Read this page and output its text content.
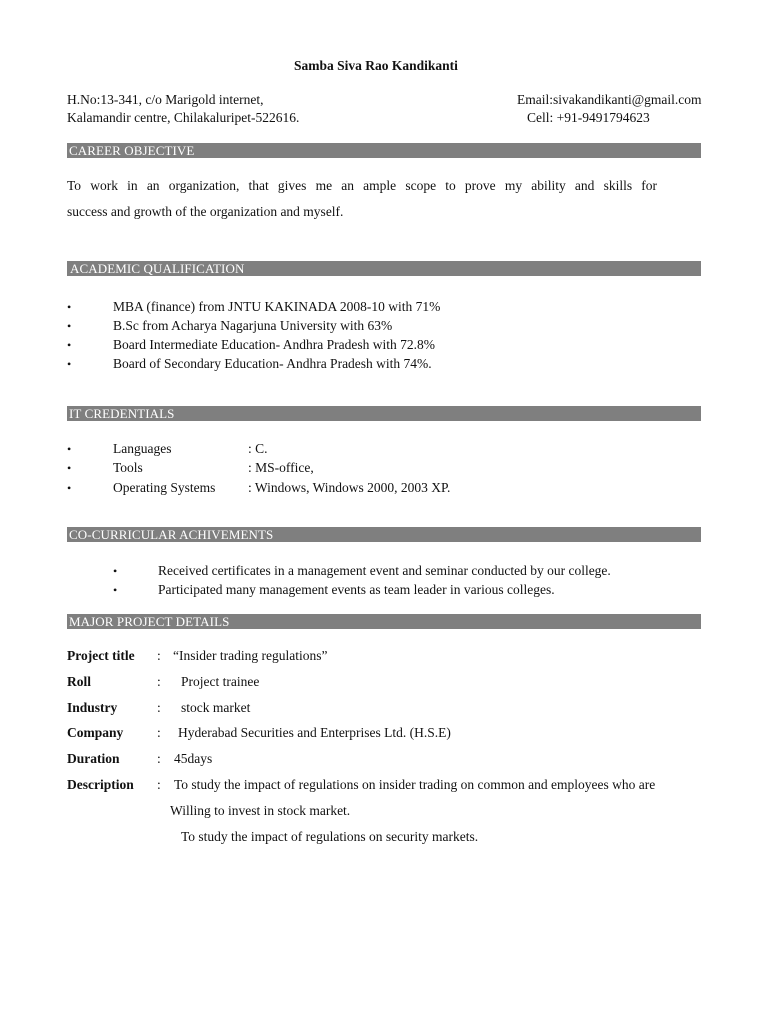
Samba Siva Rao Kandikanti
H.No:13-341, c/o Marigold internet,
Kalamandir centre, Chilakaluripet-522616.
Email:sivakandikanti@gmail.com
Cell: +91-9491794623
CAREER OBJECTIVE
To work in an organization, that gives me an ample scope to prove my ability and skills for
success and growth of the organization and myself.
ACADEMIC QUALIFICATION
•	MBA (finance) from JNTU KAKINADA 2008-10 with 71%
•	B.Sc from Acharya Nagarjuna University with 63%
•	Board Intermediate Education- Andhra Pradesh with 72.8%
•	Board of Secondary Education- Andhra Pradesh with 74%.
IT CREDENTIALS
•	Languages	: C.
•	Tools	: MS-office,
•	Operating Systems : Windows, Windows 2000, 2003 XP.
CO-CURRICULAR ACHIVEMENTS
•	Received certificates in a management event and seminar conducted by our college.
•	Participated many management events as team leader in various colleges.
MAJOR PROJECT DETAILS
Project title : “Insider trading regulations”
Roll	: Project trainee
Industry	: stock market
Company : Hyderabad Securities and Enterprises Ltd. (H.S.E)
Duration	: 45days
Description : To study the impact of regulations on insider trading on common and employees who are
Willing to invest in stock market.
To study the impact of regulations on security markets.
